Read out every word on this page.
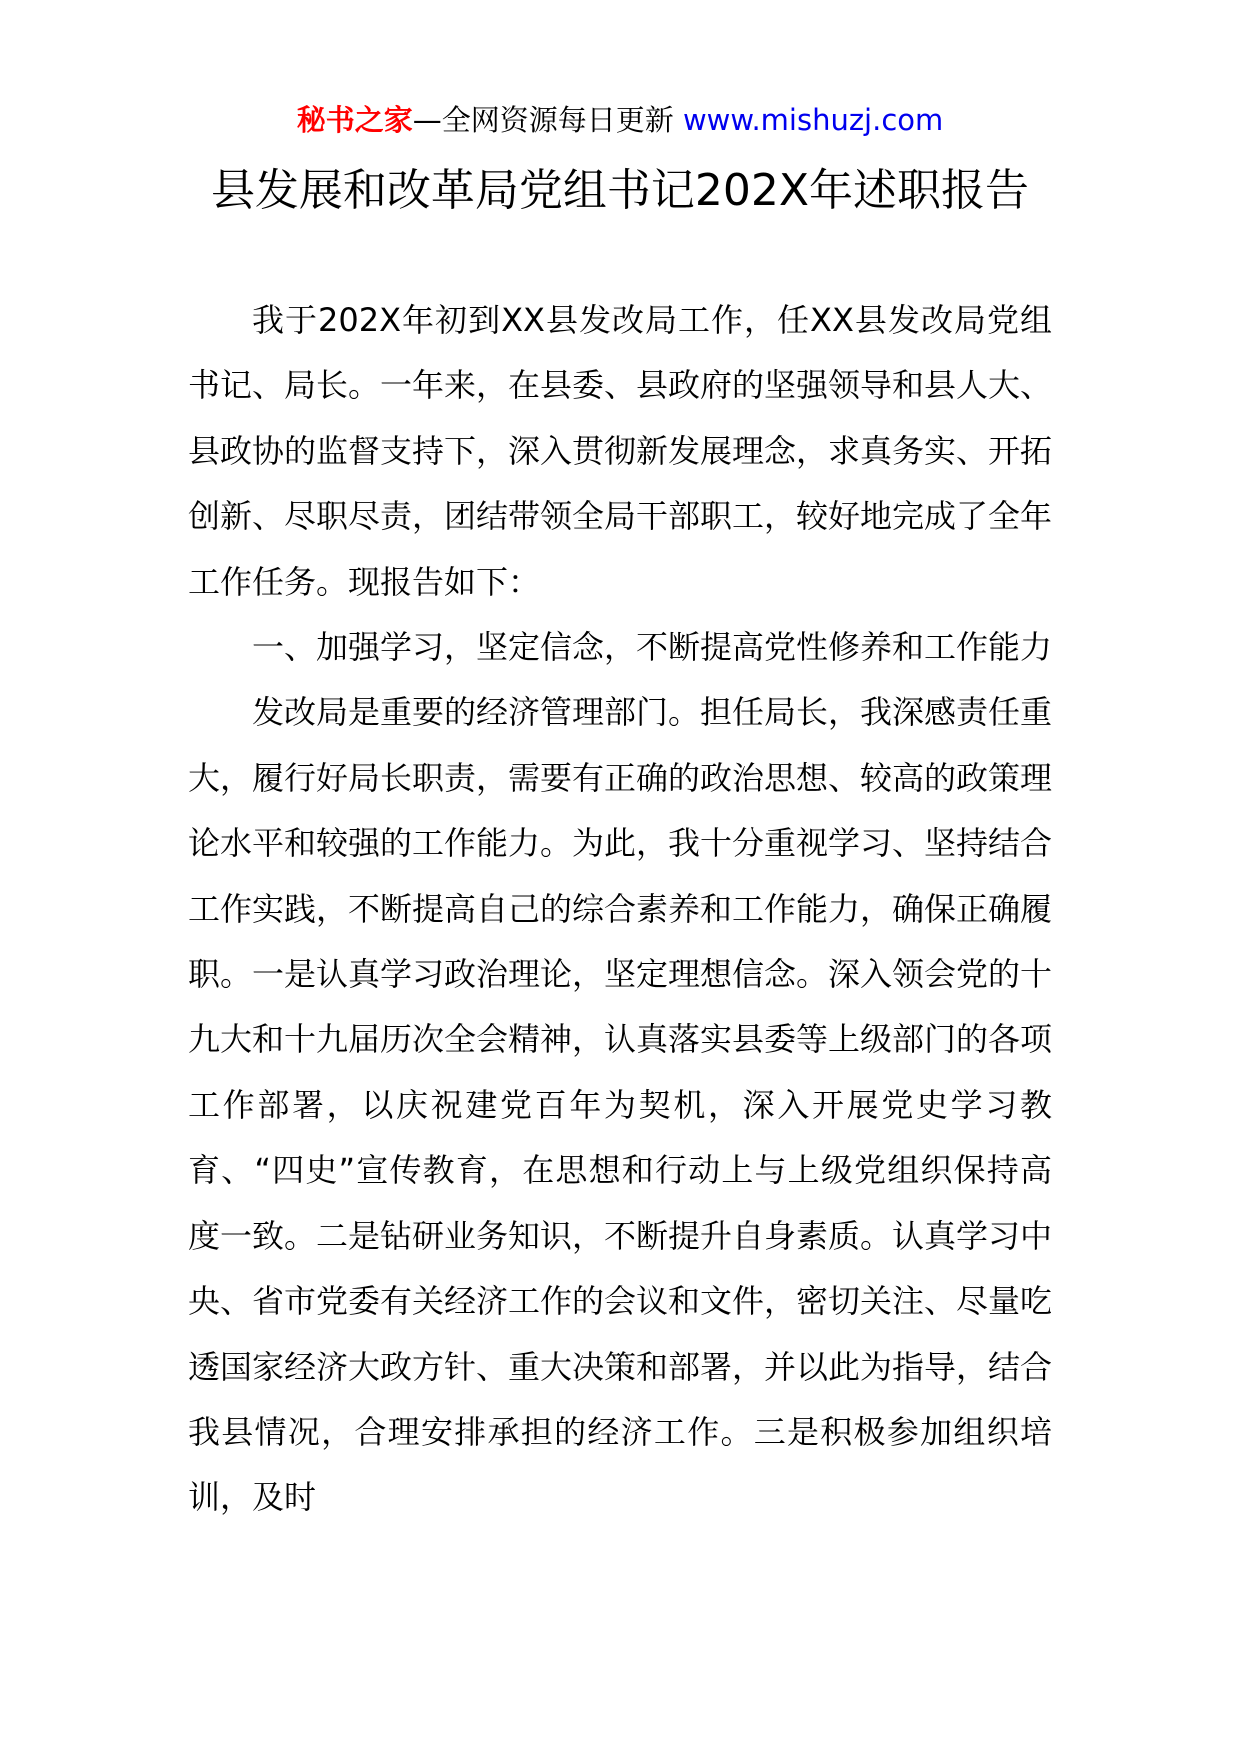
秘书之家—全网资源每日更新 www.mishuzj.com
县发展和改革局党组书记202X年述职报告

我于202X年初到XX县发改局工作，任XX县发改局党组书记、局长。一年来，在县委、县政府的坚强领导和县人大、县政协的监督支持下，深入贯彻新发展理念，求真务实、开拓创新、尽职尽责，团结带领全局干部职工，较好地完成了全年工作任务。现报告如下：

一、加强学习，坚定信念，不断提高党性修养和工作能力

发改局是重要的经济管理部门。担任局长，我深感责任重大，履行好局长职责，需要有正确的政治思想、较高的政策理论水平和较强的工作能力。为此，我十分重视学习、坚持结合工作实践，不断提高自己的综合素养和工作能力，确保正确履职。一是认真学习政治理论，坚定理想信念。深入领会党的十九大和十九届历次全会精神，认真落实县委等上级部门的各项工作部署，以庆祝建党百年为契机，深入开展党史学习教育、“四史”宣传教育，在思想和行动上与上级党组织保持高度一致。二是钻研业务知识，不断提升自身素质。认真学习中央、省市党委有关经济工作的会议和文件，密切关注、尽量吃透国家经济大政方针、重大决策和部署，并以此为指导，结合我县情况，合理安排承担的经济工作。三是积极参加组织培训，及时
